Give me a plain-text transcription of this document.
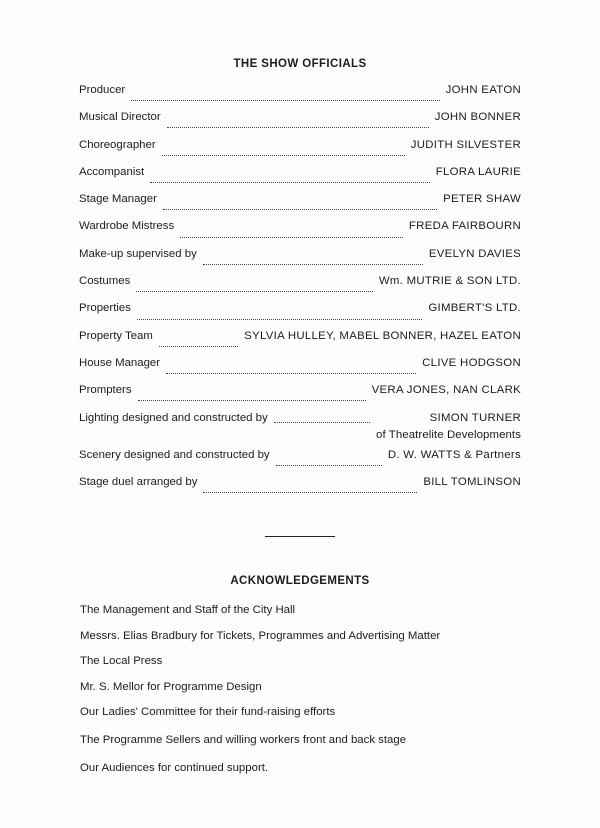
THE SHOW OFFICIALS
Producer	JOHN EATON
Musical Director	JOHN BONNER
Choreographer	JUDITH SILVESTER
Accompanist	FLORA LAURIE
Stage Manager	PETER SHAW
Wardrobe Mistress	FREDA FAIRBOURN
Make-up supervised by	EVELYN DAVIES
Costumes	Wm. MUTRIE & SON LTD.
Properties	GIMBERT'S LTD.
Property Team	SYLVIA HULLEY, MABEL BONNER, HAZEL EATON
House Manager	CLIVE HODGSON
Prompters	VERA JONES, NAN CLARK
Lighting designed and constructed by	SIMON TURNER
of Theatrelite Developments
Scenery designed and constructed by	D. W. WATTS & Partners
Stage duel arranged by	BILL TOMLINSON
ACKNOWLEDGEMENTS
The Management and Staff of the City Hall
Messrs. Elias Bradbury for Tickets, Programmes and Advertising Matter
The Local Press
Mr. S. Mellor for Programme Design
Our Ladies' Committee for their fund-raising efforts
The Programme Sellers and willing workers front and back stage
Our Audiences for continued support.
